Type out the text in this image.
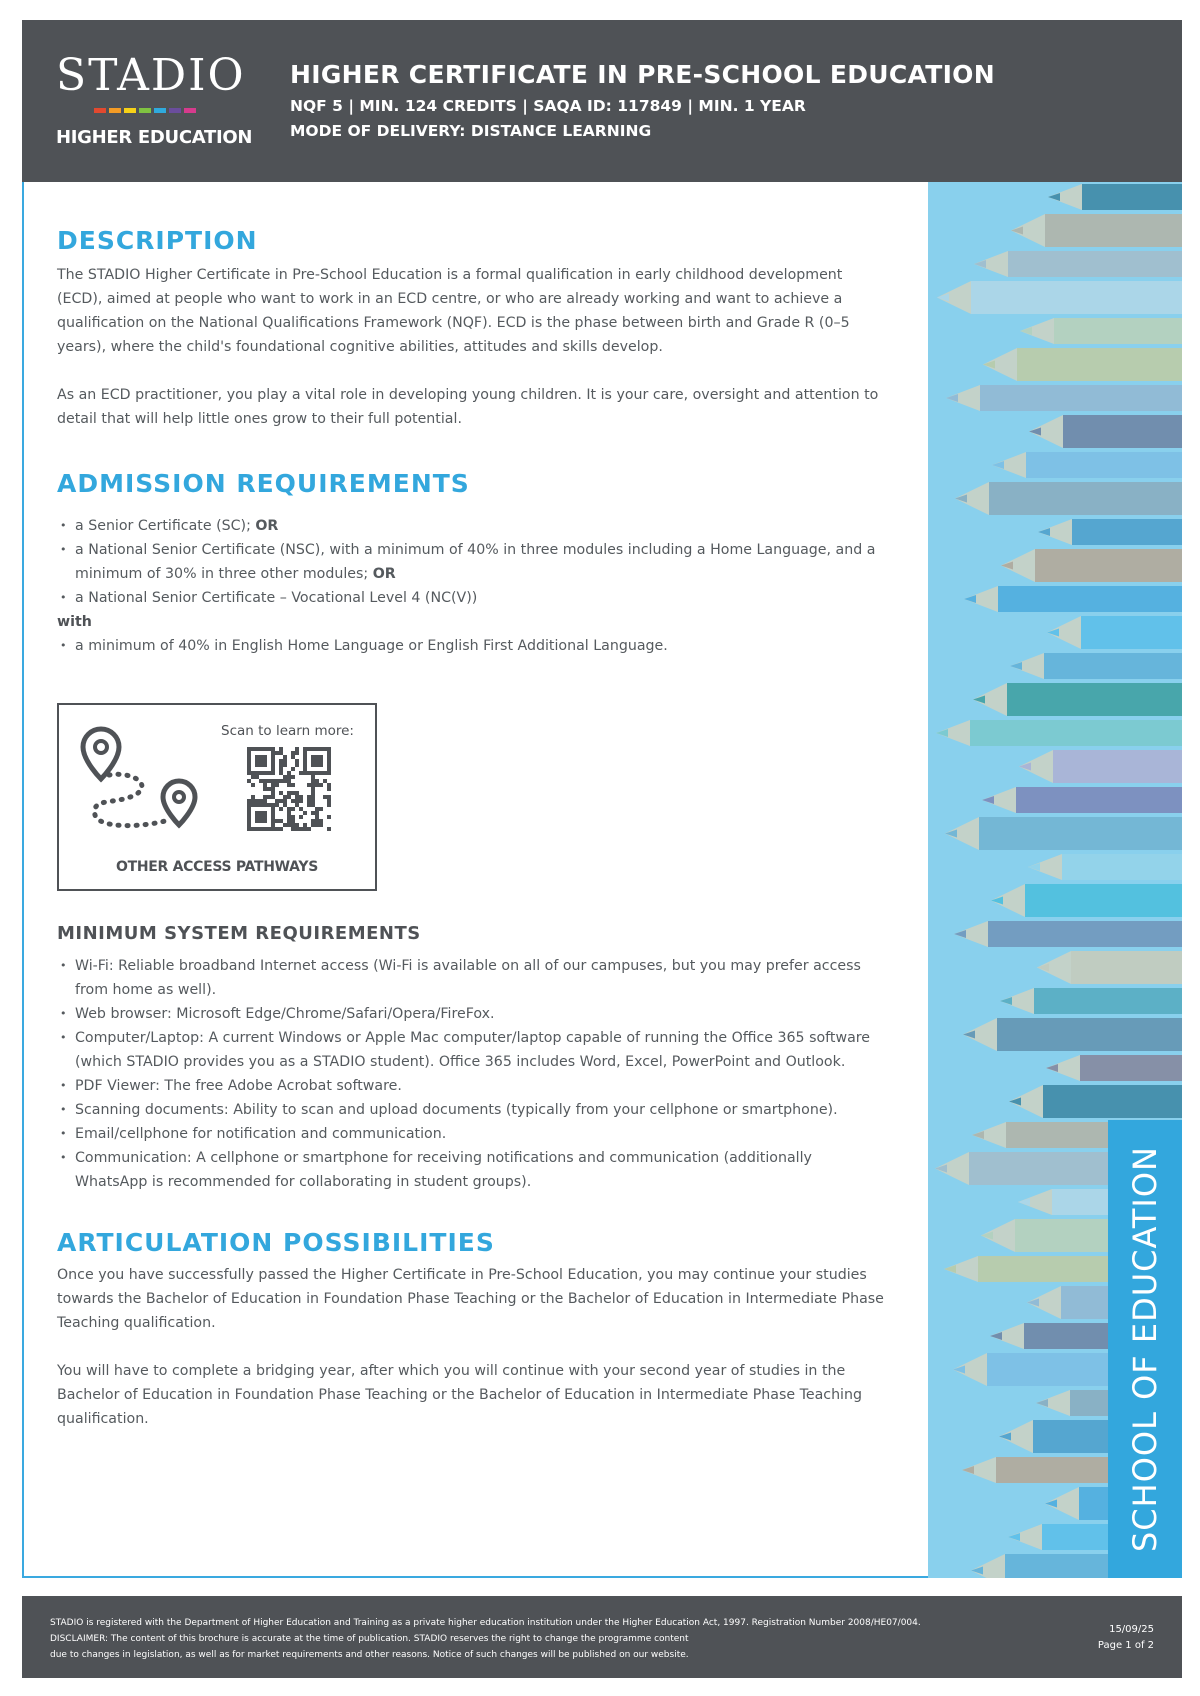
STADIO
HIGHER EDUCATION
HIGHER CERTIFICATE IN PRE-SCHOOL EDUCATION
NQF 5 | MIN. 124 CREDITS | SAQA ID: 117849 | MIN. 1 YEAR
MODE OF DELIVERY: DISTANCE LEARNING
SCHOOL OF EDUCATION
DESCRIPTION

The STADIO Higher Certificate in Pre-School Education is a formal qualification in early childhood development (ECD), aimed at people who want to work in an ECD centre, or who are already working and want to achieve a qualification on the National Qualifications Framework (NQF). ECD is the phase between birth and Grade R (0–5 years), where the child's foundational cognitive abilities, attitudes and skills develop.

As an ECD practitioner, you play a vital role in developing young children. It is your care, oversight and attention to detail that will help little ones grow to their full potential.

ADMISSION REQUIREMENTS
• a Senior Certificate (SC); OR
• a National Senior Certificate (NSC), with a minimum of 40% in three modules including a Home Language, and a minimum of 30% in three other modules; OR
• a National Senior Certificate – Vocational Level 4 (NC(V))
with
• a minimum of 40% in English Home Language or English First Additional Language.
Scan to learn more:
OTHER ACCESS PATHWAYS
MINIMUM SYSTEM REQUIREMENTS
• Wi-Fi: Reliable broadband Internet access (Wi-Fi is available on all of our campuses, but you may prefer access from home as well).
• Web browser: Microsoft Edge/Chrome/Safari/Opera/FireFox.
• Computer/Laptop: A current Windows or Apple Mac computer/laptop capable of running the Office 365 software (which STADIO provides you as a STADIO student). Office 365 includes Word, Excel, PowerPoint and Outlook.
• PDF Viewer: The free Adobe Acrobat software.
• Scanning documents: Ability to scan and upload documents (typically from your cellphone or smartphone).
• Email/cellphone for notification and communication.
• Communication: A cellphone or smartphone for receiving notifications and communication (additionally WhatsApp is recommended for collaborating in student groups).
ARTICULATION POSSIBILITIES

Once you have successfully passed the Higher Certificate in Pre-School Education, you may continue your studies towards the Bachelor of Education in Foundation Phase Teaching or the Bachelor of Education in Intermediate Phase Teaching qualification.

You will have to complete a bridging year, after which you will continue with your second year of studies in the Bachelor of Education in Foundation Phase Teaching or the Bachelor of Education in Intermediate Phase Teaching qualification.

STADIO is registered with the Department of Higher Education and Training as a private higher education institution under the Higher Education Act, 1997. Registration Number 2008/HE07/004.
DISCLAIMER: The content of this brochure is accurate at the time of publication. STADIO reserves the right to change the programme content
due to changes in legislation, as well as for market requirements and other reasons. Notice of such changes will be published on our website.
15/09/25
Page 1 of 2
